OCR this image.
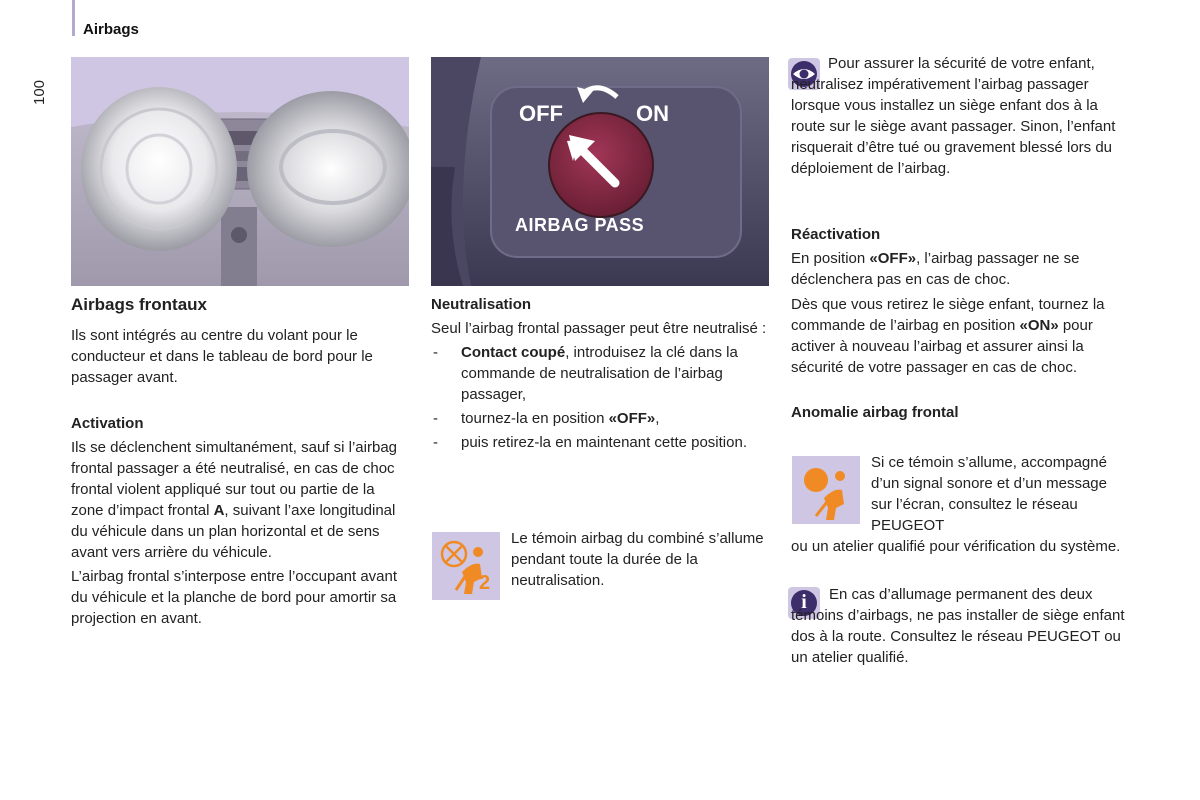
Airbags
100
OFF	ON
AIRBAG PASS
Airbags frontaux

Ils sont intégrés au centre du volant pour le conducteur et dans le tableau de bord pour le passager avant.

Activation

Ils se déclenchent simultanément, sauf si l’airbag frontal passager a été neutralisé, en cas de choc frontal violent appliqué sur tout ou partie de la zone d’impact frontal A, suivant l’axe longitudinal du véhicule dans un plan horizontal et de sens avant vers arrière du véhicule.

L’airbag frontal s’interpose entre l’occupant avant du véhicule et la planche de bord pour amortir sa projection en avant.

Neutralisation

Seul l’airbag frontal passager peut être neutralisé :

- Contact coupé, introduisez la clé dans la commande de neutralisation de l’airbag passager,
- tournez-la en position «OFF»,
- puis retirez-la en maintenant cette position.
2
Le témoin airbag du combiné s’allume pendant toute la durée de la neutralisation.
Pour assurer la sécurité de votre enfant, neutralisez impérativement l’airbag passager lorsque vous installez un siège enfant dos à la route sur le siège avant passager. Sinon, l’enfant risquerait d’être tué ou gravement blessé lors du déploiement de l’airbag.
Réactivation

En position «OFF», l’airbag passager ne se déclenchera pas en cas de choc.

Dès que vous retirez le siège enfant, tournez la commande de l’airbag en position «ON» pour activer à nouveau l’airbag et assurer ainsi la sécurité de votre passager en cas de choc.

Anomalie airbag frontal
Si ce témoin s’allume, accompagné d’un signal sonore et d’un message sur l’écran, consultez le réseau PEUGEOT
ou un atelier qualifié pour vérification du système.
i	En cas d’allumage permanent des deux témoins d’airbags, ne pas installer de siège enfant dos à la route. Consultez le réseau PEUGEOT ou un atelier qualifié.
